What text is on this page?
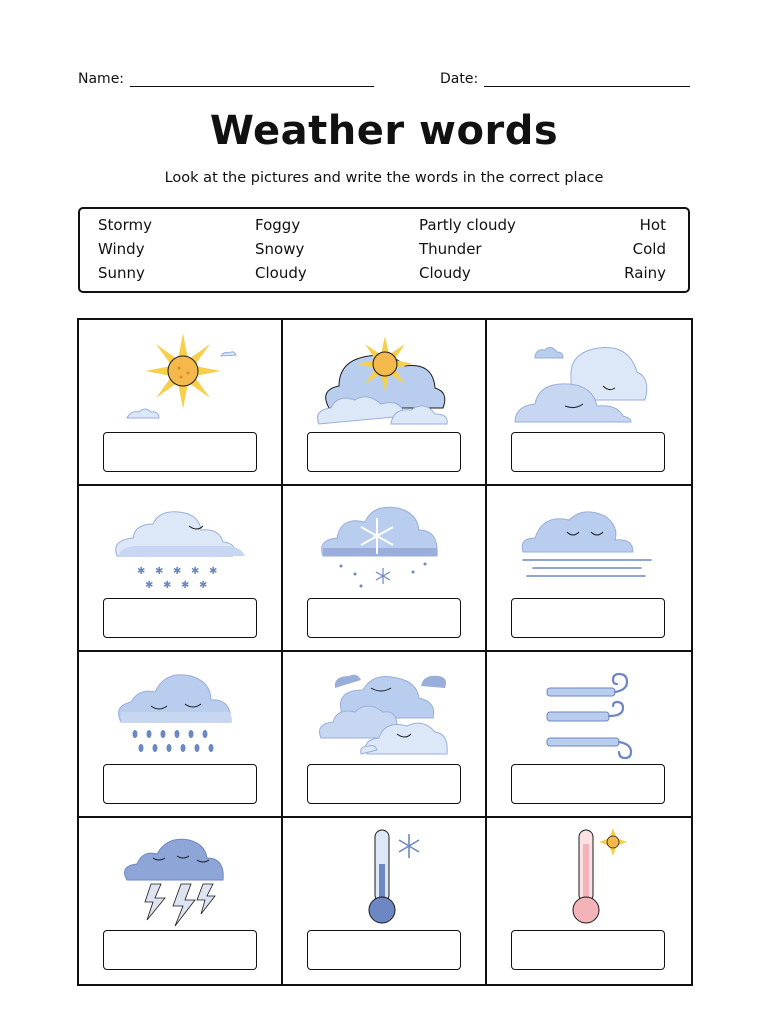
Name:	Date:
Weather words
Look at the pictures and write the words in the correct place
Stormy
Windy
Sunny
Foggy
Snowy
Cloudy
Partly cloudy
Thunder
Cloudy
Hot
Cold
Rainy
✱ ✱ ✱ ✱ ✱
✱ ✱ ✱ ✱
